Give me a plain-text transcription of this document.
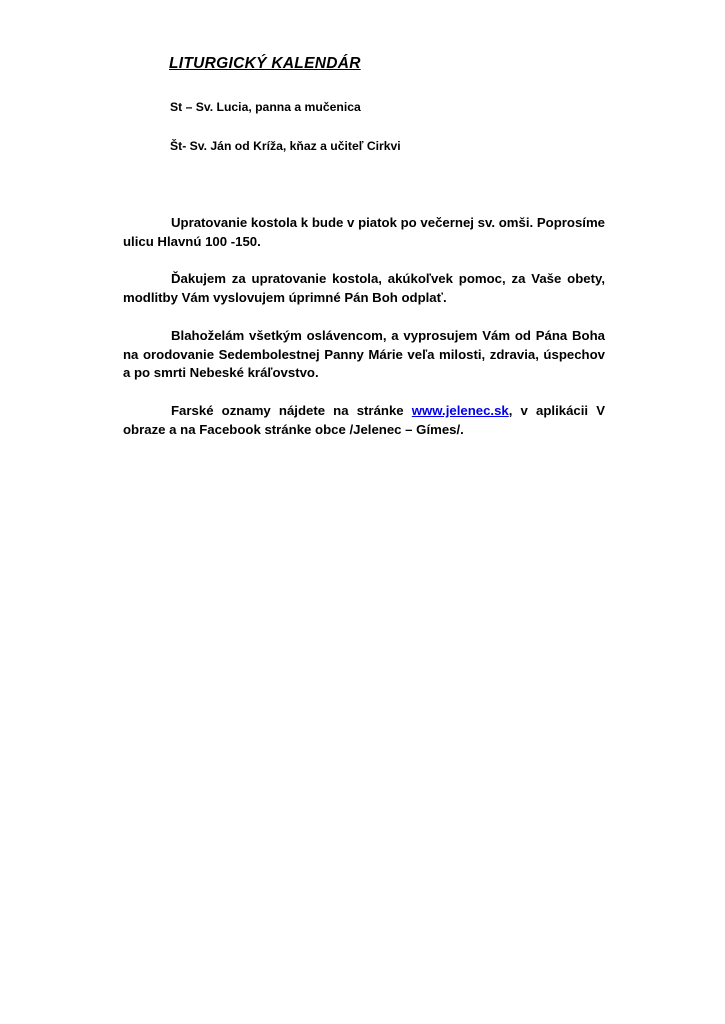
LITURGICKÝ KALENDÁR

St – Sv. Lucia, panna a mučenica

Št- Sv. Ján od Kríža, kňaz a učiteľ Cirkvi

Upratovanie kostola k bude v piatok po večernej sv. omši. Poprosíme ulicu Hlavnú 100 -150.

Ďakujem za upratovanie kostola, akúkoľvek pomoc, za Vaše obety, modlitby Vám vyslovujem úprimné Pán Boh odplať.

Blahoželám všetkým oslávencom, a vyprosujem Vám od Pána Boha na orodovanie Sedembolestnej Panny Márie veľa milosti, zdravia, úspechov a po smrti Nebeské kráľovstvo.

Farské oznamy nájdete na stránke www.jelenec.sk, v aplikácii V obraze a na Facebook stránke obce /Jelenec – Gímes/.
